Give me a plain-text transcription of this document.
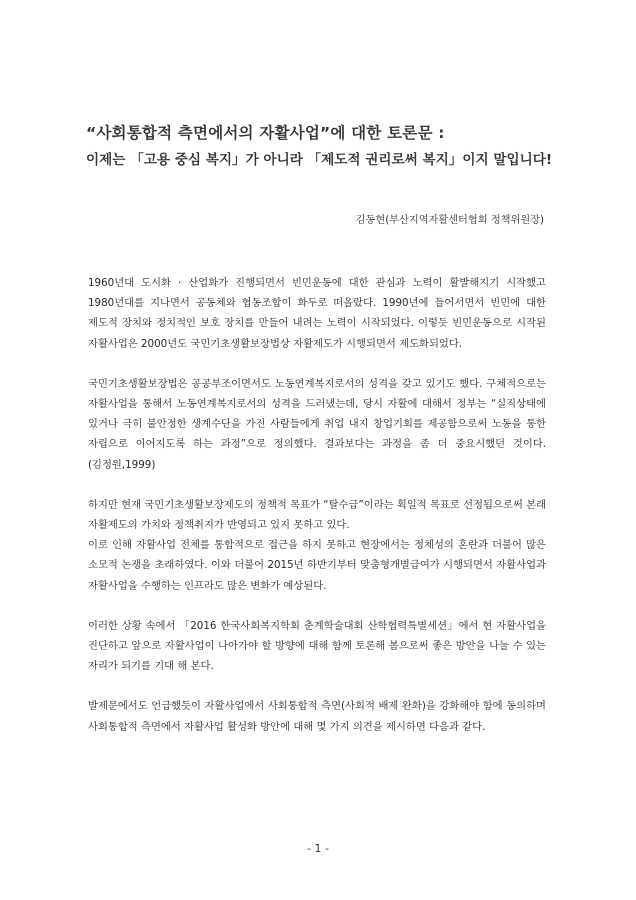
“사회통합적 측면에서의 자활사업”에 대한 토론문 :
이제는 「고용 중심 복지」가 아니라 「제도적 권리로써 복지」이지 말입니다!
김동현(부산지역자활센터협회 정책위원장)

1960년대 도시화 · 산업화가 진행되면서 빈민운동에 대한 관심과 노력이 활발해지기 시작했고 1980년대를 지나면서 공동체와 협동조합이 화두로 떠올랐다. 1990년에 들어서면서 빈민에 대한 제도적 장치와 정치적인 보호 장치를 만들어 내려는 노력이 시작되었다. 이렇듯 빈민운동으로 시작된 자활사업은 2000년도 국민기초생활보장법상 자활제도가 시행되면서 제도화되었다.

국민기초생활보장법은 공공부조이면서도 노동연계복지로서의 성격을 갖고 있기도 했다. 구체적으로는 자활사업을 통해서 노동연계복지로서의 성격을 드러냈는데, 당시 자활에 대해서 정부는 “실직상태에 있거나 극히 불안정한 생계수단을 가진 사람들에게 취업 내지 창업기회를 제공함으로써 노동을 통한 자립으로 이어지도록 하는 과정”으로 정의했다. 결과보다는 과정을 좀 더 중요시했던 것이다. (김정원,1999)

하지만 현재 국민기초생활보장제도의 정책적 목표가 “탈수급”이라는 획일적 목표로 선정됨으로써 본래 자활제도의 가치와 정책취지가 반영되고 있지 못하고 있다.

이로 인해 자활사업 전체를 통합적으로 접근을 하지 못하고 현장에서는 정체성의 혼란과 더불어 많은 소모적 논쟁을 초래하였다. 이와 더불어 2015년 하반기부터 맞춤형개별급여가 시행되면서 자활사업과 자활사업을 수행하는 인프라도 많은 변화가 예상된다.

이러한 상황 속에서 「2016 한국사회복지학회 춘계학술대회 산학협력특별세션」에서 현 자활사업을 진단하고 앞으로 자활사업이 나아가야 할 방향에 대해 함께 토론해 봄으로써 좋은 방안을 나눌 수 있는 자리가 되기를 기대 해 본다.

발제문에서도 언급했듯이 자활사업에서 사회통합적 측면(사회적 배제 완화)을 강화해야 함에 동의하며 사회통합적 측면에서 자활사업 활성화 방안에 대해 몇 가지 의견을 제시하면 다음과 같다.

- 1 -
